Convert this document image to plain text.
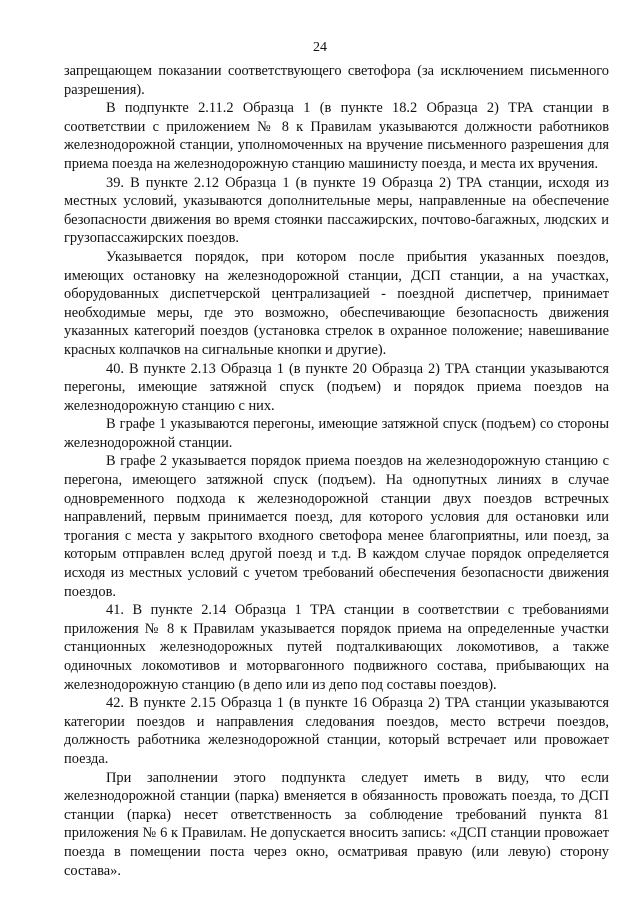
24

запрещающем показании соответствующего светофора (за исключением письменного разрешения).

В подпункте 2.11.2 Образца 1 (в пункте 18.2 Образца 2) ТРА станции в соответствии с приложением № 8 к Правилам указываются должности работников железнодорожной станции, уполномоченных на вручение письменного разрешения для приема поезда на железнодорожную станцию машинисту поезда, и места их вручения.

39. В пункте 2.12 Образца 1 (в пункте 19 Образца 2) ТРА станции, исходя из местных условий, указываются дополнительные меры, направленные на обеспечение безопасности движения во время стоянки пассажирских, почтово-багажных, людских и грузопассажирских поездов.

Указывается порядок, при котором после прибытия указанных поездов, имеющих остановку на железнодорожной станции, ДСП станции, а на участках, оборудованных диспетчерской централизацией - поездной диспетчер, принимает необходимые меры, где это возможно, обеспечивающие безопасность движения указанных категорий поездов (установка стрелок в охранное положение; навешивание красных колпачков на сигнальные кнопки и другие).

40. В пункте 2.13 Образца 1 (в пункте 20 Образца 2) ТРА станции указываются перегоны, имеющие затяжной спуск (подъем) и порядок приема поездов на железнодорожную станцию с них.

В графе 1 указываются перегоны, имеющие затяжной спуск (подъем) со стороны железнодорожной станции.

В графе 2 указывается порядок приема поездов на железнодорожную станцию с перегона, имеющего затяжной спуск (подъем). На однопутных линиях в случае одновременного подхода к железнодорожной станции двух поездов встречных направлений, первым принимается поезд, для которого условия для остановки или трогания с места у закрытого входного светофора менее благоприятны, или поезд, за которым отправлен вслед другой поезд и т.д. В каждом случае порядок определяется исходя из местных условий с учетом требований обеспечения безопасности движения поездов.

41. В пункте 2.14 Образца 1 ТРА станции в соответствии с требованиями приложения № 8 к Правилам указывается порядок приема на определенные участки станционных железнодорожных путей подталкивающих локомотивов, а также одиночных локомотивов и моторвагонного подвижного состава, прибывающих на железнодорожную станцию (в депо или из депо под составы поездов).

42. В пункте 2.15 Образца 1 (в пункте 16 Образца 2) ТРА станции указываются категории поездов и направления следования поездов, место встречи поездов, должность работника железнодорожной станции, который встречает или провожает поезда.

При заполнении этого подпункта следует иметь в виду, что если железнодорожной станции (парка) вменяется в обязанность провожать поезда, то ДСП станции (парка) несет ответственность за соблюдение требований пункта 81 приложения № 6 к Правилам. Не допускается вносить запись: «ДСП станции провожает поезда в помещении поста через окно, осматривая правую (или левую) сторону состава».
